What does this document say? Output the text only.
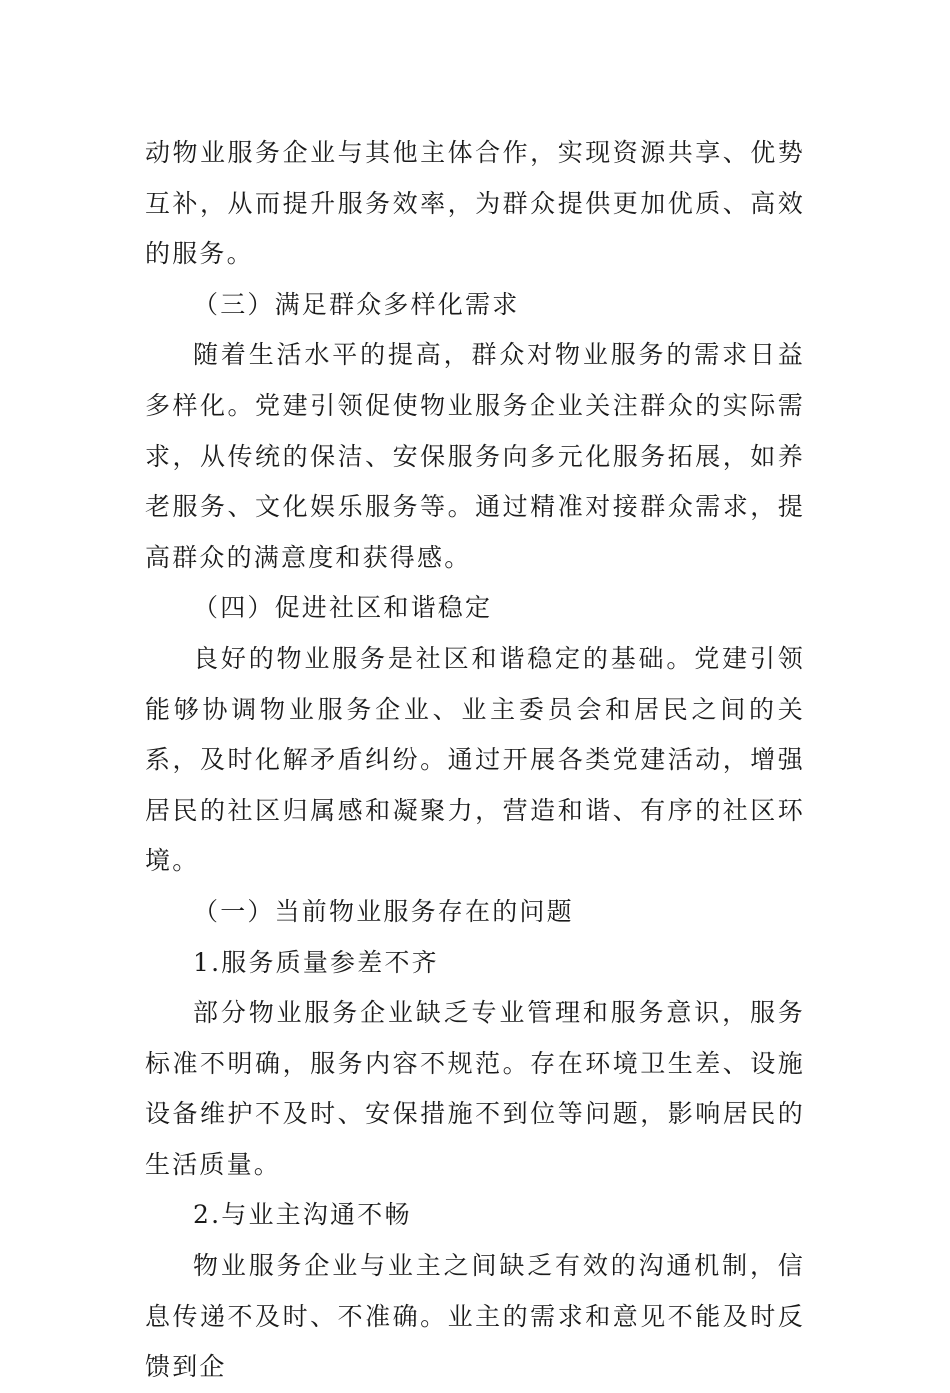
动物业服务企业与其他主体合作，实现资源共享、优势互补，从而提升服务效率，为群众提供更加优质、高效的服务。

（三）满足群众多样化需求

随着生活水平的提高，群众对物业服务的需求日益多样化。党建引领促使物业服务企业关注群众的实际需求，从传统的保洁、安保服务向多元化服务拓展，如养老服务、文化娱乐服务等。通过精准对接群众需求，提高群众的满意度和获得感。

（四）促进社区和谐稳定

良好的物业服务是社区和谐稳定的基础。党建引领能够协调物业服务企业、业主委员会和居民之间的关系，及时化解矛盾纠纷。通过开展各类党建活动，增强居民的社区归属感和凝聚力，营造和谐、有序的社区环境。

（一）当前物业服务存在的问题

1.服务质量参差不齐

部分物业服务企业缺乏专业管理和服务意识，服务标准不明确，服务内容不规范。存在环境卫生差、设施设备维护不及时、安保措施不到位等问题，影响居民的生活质量。

2.与业主沟通不畅

物业服务企业与业主之间缺乏有效的沟通机制，信息传递不及时、不准确。业主的需求和意见不能及时反馈到企
